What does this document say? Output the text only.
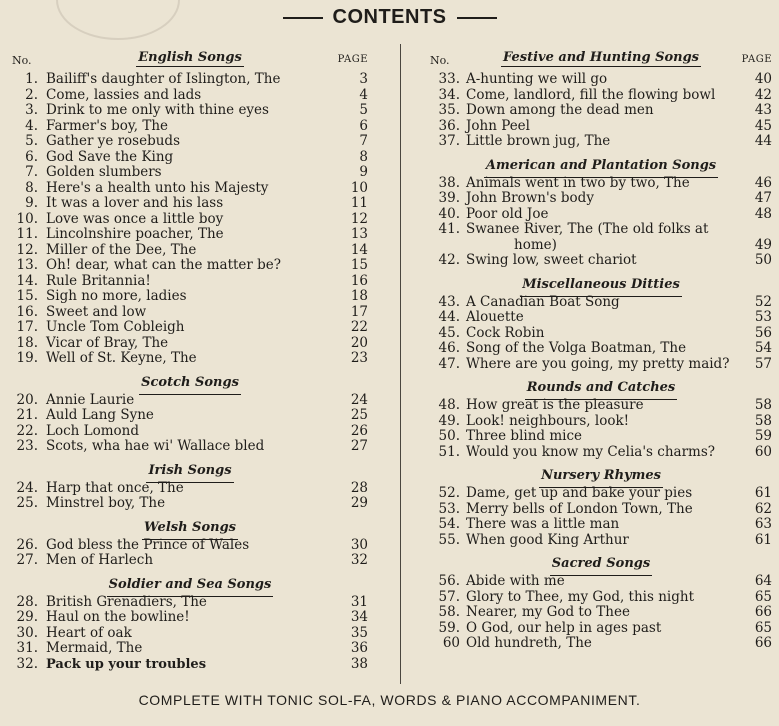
CONTENTS
No.	PAGE
English Songs
1. Bailiff's daughter of Islington, The	3
2. Come, lassies and lads	4
3. Drink to me only with thine eyes	5
4. Farmer's boy, The	6
5. Gather ye rosebuds	7
6. God Save the King	8
7. Golden slumbers	9
8. Here's a health unto his Majesty	10
9. It was a lover and his lass	11
10. Love was once a little boy	12
11. Lincolnshire poacher, The	13
12. Miller of the Dee, The	14
13. Oh! dear, what can the matter be?	15
14. Rule Britannia!	16
15. Sigh no more, ladies	18
16. Sweet and low	17
17. Uncle Tom Cobleigh	22
18. Vicar of Bray, The	20
19. Well of St. Keyne, The	23
Scotch Songs
20. Annie Laurie	24
21. Auld Lang Syne	25
22. Loch Lomond	26
23. Scots, wha hae wi' Wallace bled	27
Irish Songs
24. Harp that once, The	28
25. Minstrel boy, The	29
Welsh Songs
26. God bless the Prince of Wales	30
27. Men of Harlech	32
Soldier and Sea Songs
28. British Grenadiers, The	31
29. Haul on the bowline!	34
30. Heart of oak	35
31. Mermaid, The	36
32. Pack up your troubles	38
No.	PAGE
Festive and Hunting Songs
33. A-hunting we will go	40
34. Come, landlord, fill the flowing bowl	42
35. Down among the dead men	43
36. John Peel	45
37. Little brown jug, The	44
American and Plantation Songs
38. Animals went in two by two, The	46
39. John Brown's body	47
40. Poor old Joe	48
41. Swanee River, The (The old folks at
home)	49
42. Swing low, sweet chariot	50
Miscellaneous Ditties
43. A Canadian Boat Song	52
44. Alouette	53
45. Cock Robin	56
46. Song of the Volga Boatman, The	54
47. Where are you going, my pretty maid?	57
Rounds and Catches
48. How great is the pleasure	58
49. Look! neighbours, look!	58
50. Three blind mice	59
51. Would you know my Celia's charms?	60
Nursery Rhymes
52. Dame, get up and bake your pies	61
53. Merry bells of London Town, The	62
54. There was a little man	63
55. When good King Arthur	61
Sacred Songs
56. Abide with me	64
57. Glory to Thee, my God, this night	65
58. Nearer, my God to Thee	66
59. O God, our help in ages past	65
60 Old hundreth, The	66
COMPLETE WITH TONIC SOL-FA, WORDS & PIANO ACCOMPANIMENT.
